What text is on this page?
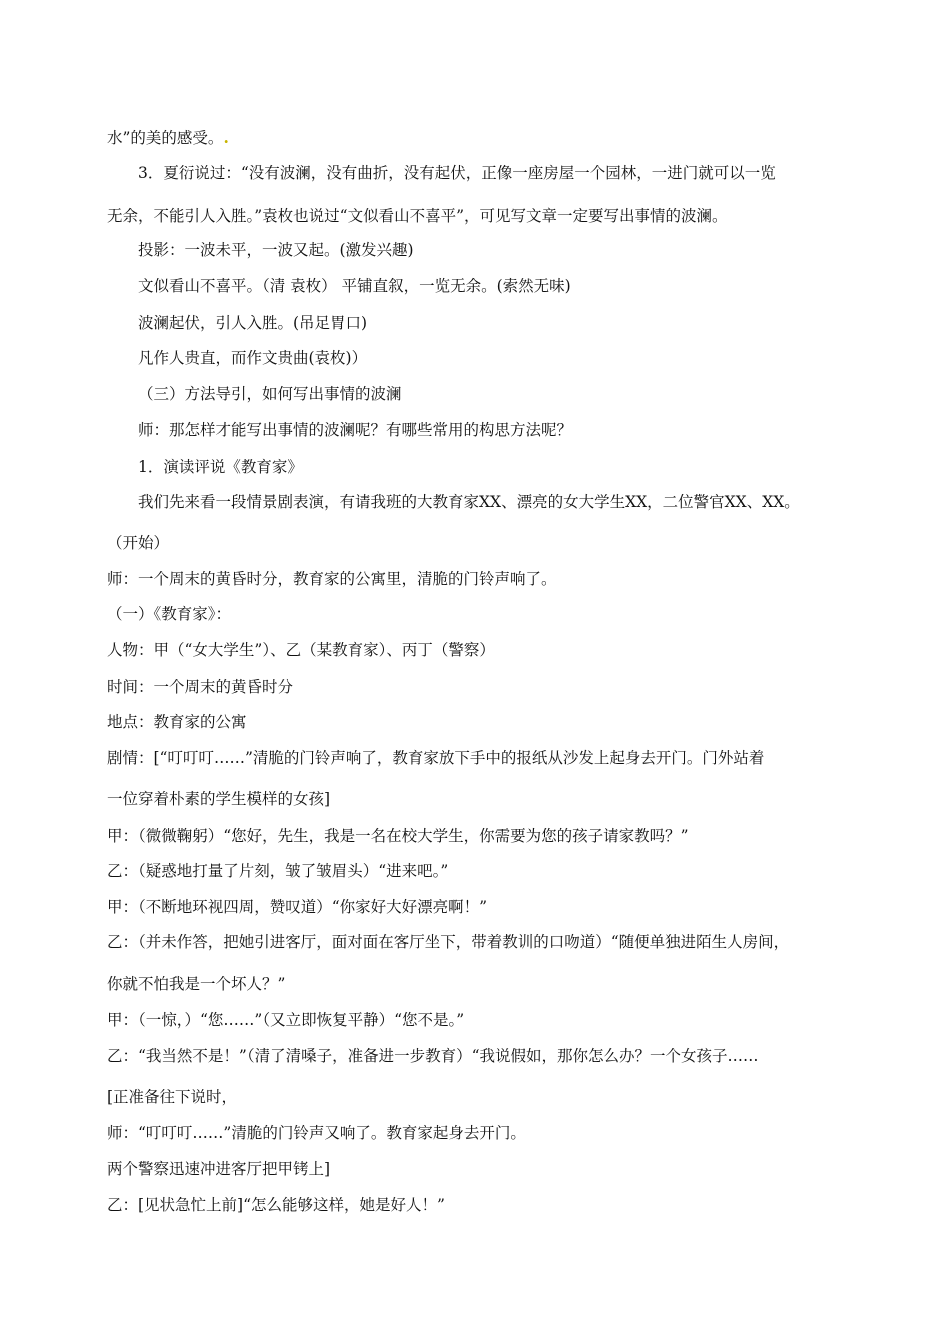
水”的美的感受。.
3．夏衍说过：“没有波澜，没有曲折，没有起伏，正像一座房屋一个园林，一进门就可以一览
无余，不能引人入胜。”袁枚也说过“文似看山不喜平”，可见写文章一定要写出事情的波澜。
投影：一波未平，一波又起。(激发兴趣)
文似看山不喜平。（清 袁枚） 平铺直叙，一览无余。(索然无味)
波澜起伏，引人入胜。(吊足胃口)
凡作人贵直，而作文贵曲(袁枚)）
（三）方法导引，如何写出事情的波澜
师：那怎样才能写出事情的波澜呢？有哪些常用的构思方法呢？
1．演读评说《教育家》
我们先来看一段情景剧表演，有请我班的大教育家XX、漂亮的女大学生XX，二位警官XX、XX。
（开始）
师：一个周末的黄昏时分，教育家的公寓里，清脆的门铃声响了。
（一）《教育家》：
人物：甲（“女大学生”）、乙（某教育家）、丙丁（警察）
时间：一个周末的黄昏时分
地点：教育家的公寓
剧情：[“叮叮叮……”清脆的门铃声响了，教育家放下手中的报纸从沙发上起身去开门。门外站着
一位穿着朴素的学生模样的女孩]
甲：（微微鞠躬）“您好，先生，我是一名在校大学生，你需要为您的孩子请家教吗？”
乙：（疑惑地打量了片刻，皱了皱眉头）“进来吧。”
甲：（不断地环视四周，赞叹道）“你家好大好漂亮啊！”
乙：（并未作答，把她引进客厅，面对面在客厅坐下，带着教训的口吻道）“随便单独进陌生人房间，
你就不怕我是一个坏人？”
甲：（一惊，）“您……”（又立即恢复平静）“您不是。”
乙：“我当然不是！”（清了清嗓子，准备进一步教育）“我说假如，那你怎么办？一个女孩子……
[正准备往下说时，
师：“叮叮叮……”清脆的门铃声又响了。教育家起身去开门。
两个警察迅速冲进客厅把甲铐上]
乙：[见状急忙上前]“怎么能够这样，她是好人！”
